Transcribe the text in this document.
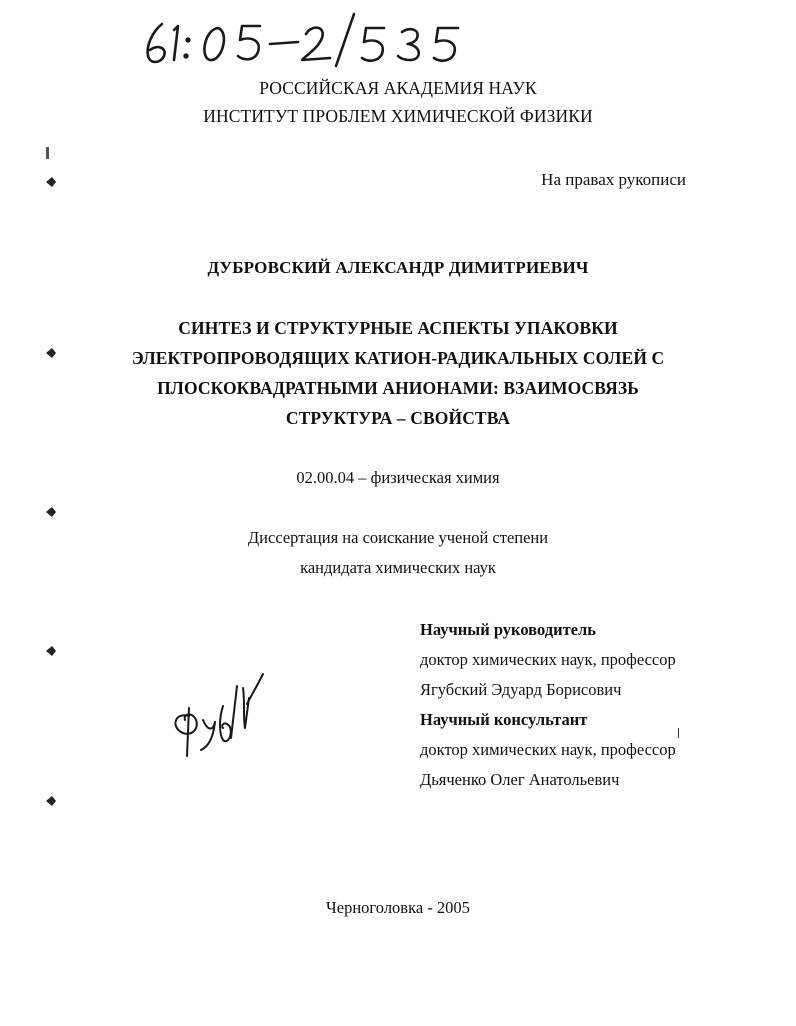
РОССИЙСКАЯ АКАДЕМИЯ НАУК
ИНСТИТУТ ПРОБЛЕМ ХИМИЧЕСКОЙ ФИЗИКИ
На правах рукописи
ДУБРОВСКИЙ АЛЕКСАНДР ДИМИТРИЕВИЧ
СИНТЕЗ И СТРУКТУРНЫЕ АСПЕКТЫ УПАКОВКИ
ЭЛЕКТРОПРОВОДЯЩИХ КАТИОН-РАДИКАЛЬНЫХ СОЛЕЙ С
ПЛОСКОКВАДРАТНЫМИ АНИОНАМИ: ВЗАИМОСВЯЗЬ
СТРУКТУРА – СВОЙСТВА
02.00.04 – физическая химия
Диссертация на соискание ученой степени
кандидата химических наук
Научный руководитель
доктор химических наук, профессор
Ягубский Эдуард Борисович
Научный консультант
доктор химических наук, профессор
Дьяченко Олег Анатольевич
Черноголовка - 2005
